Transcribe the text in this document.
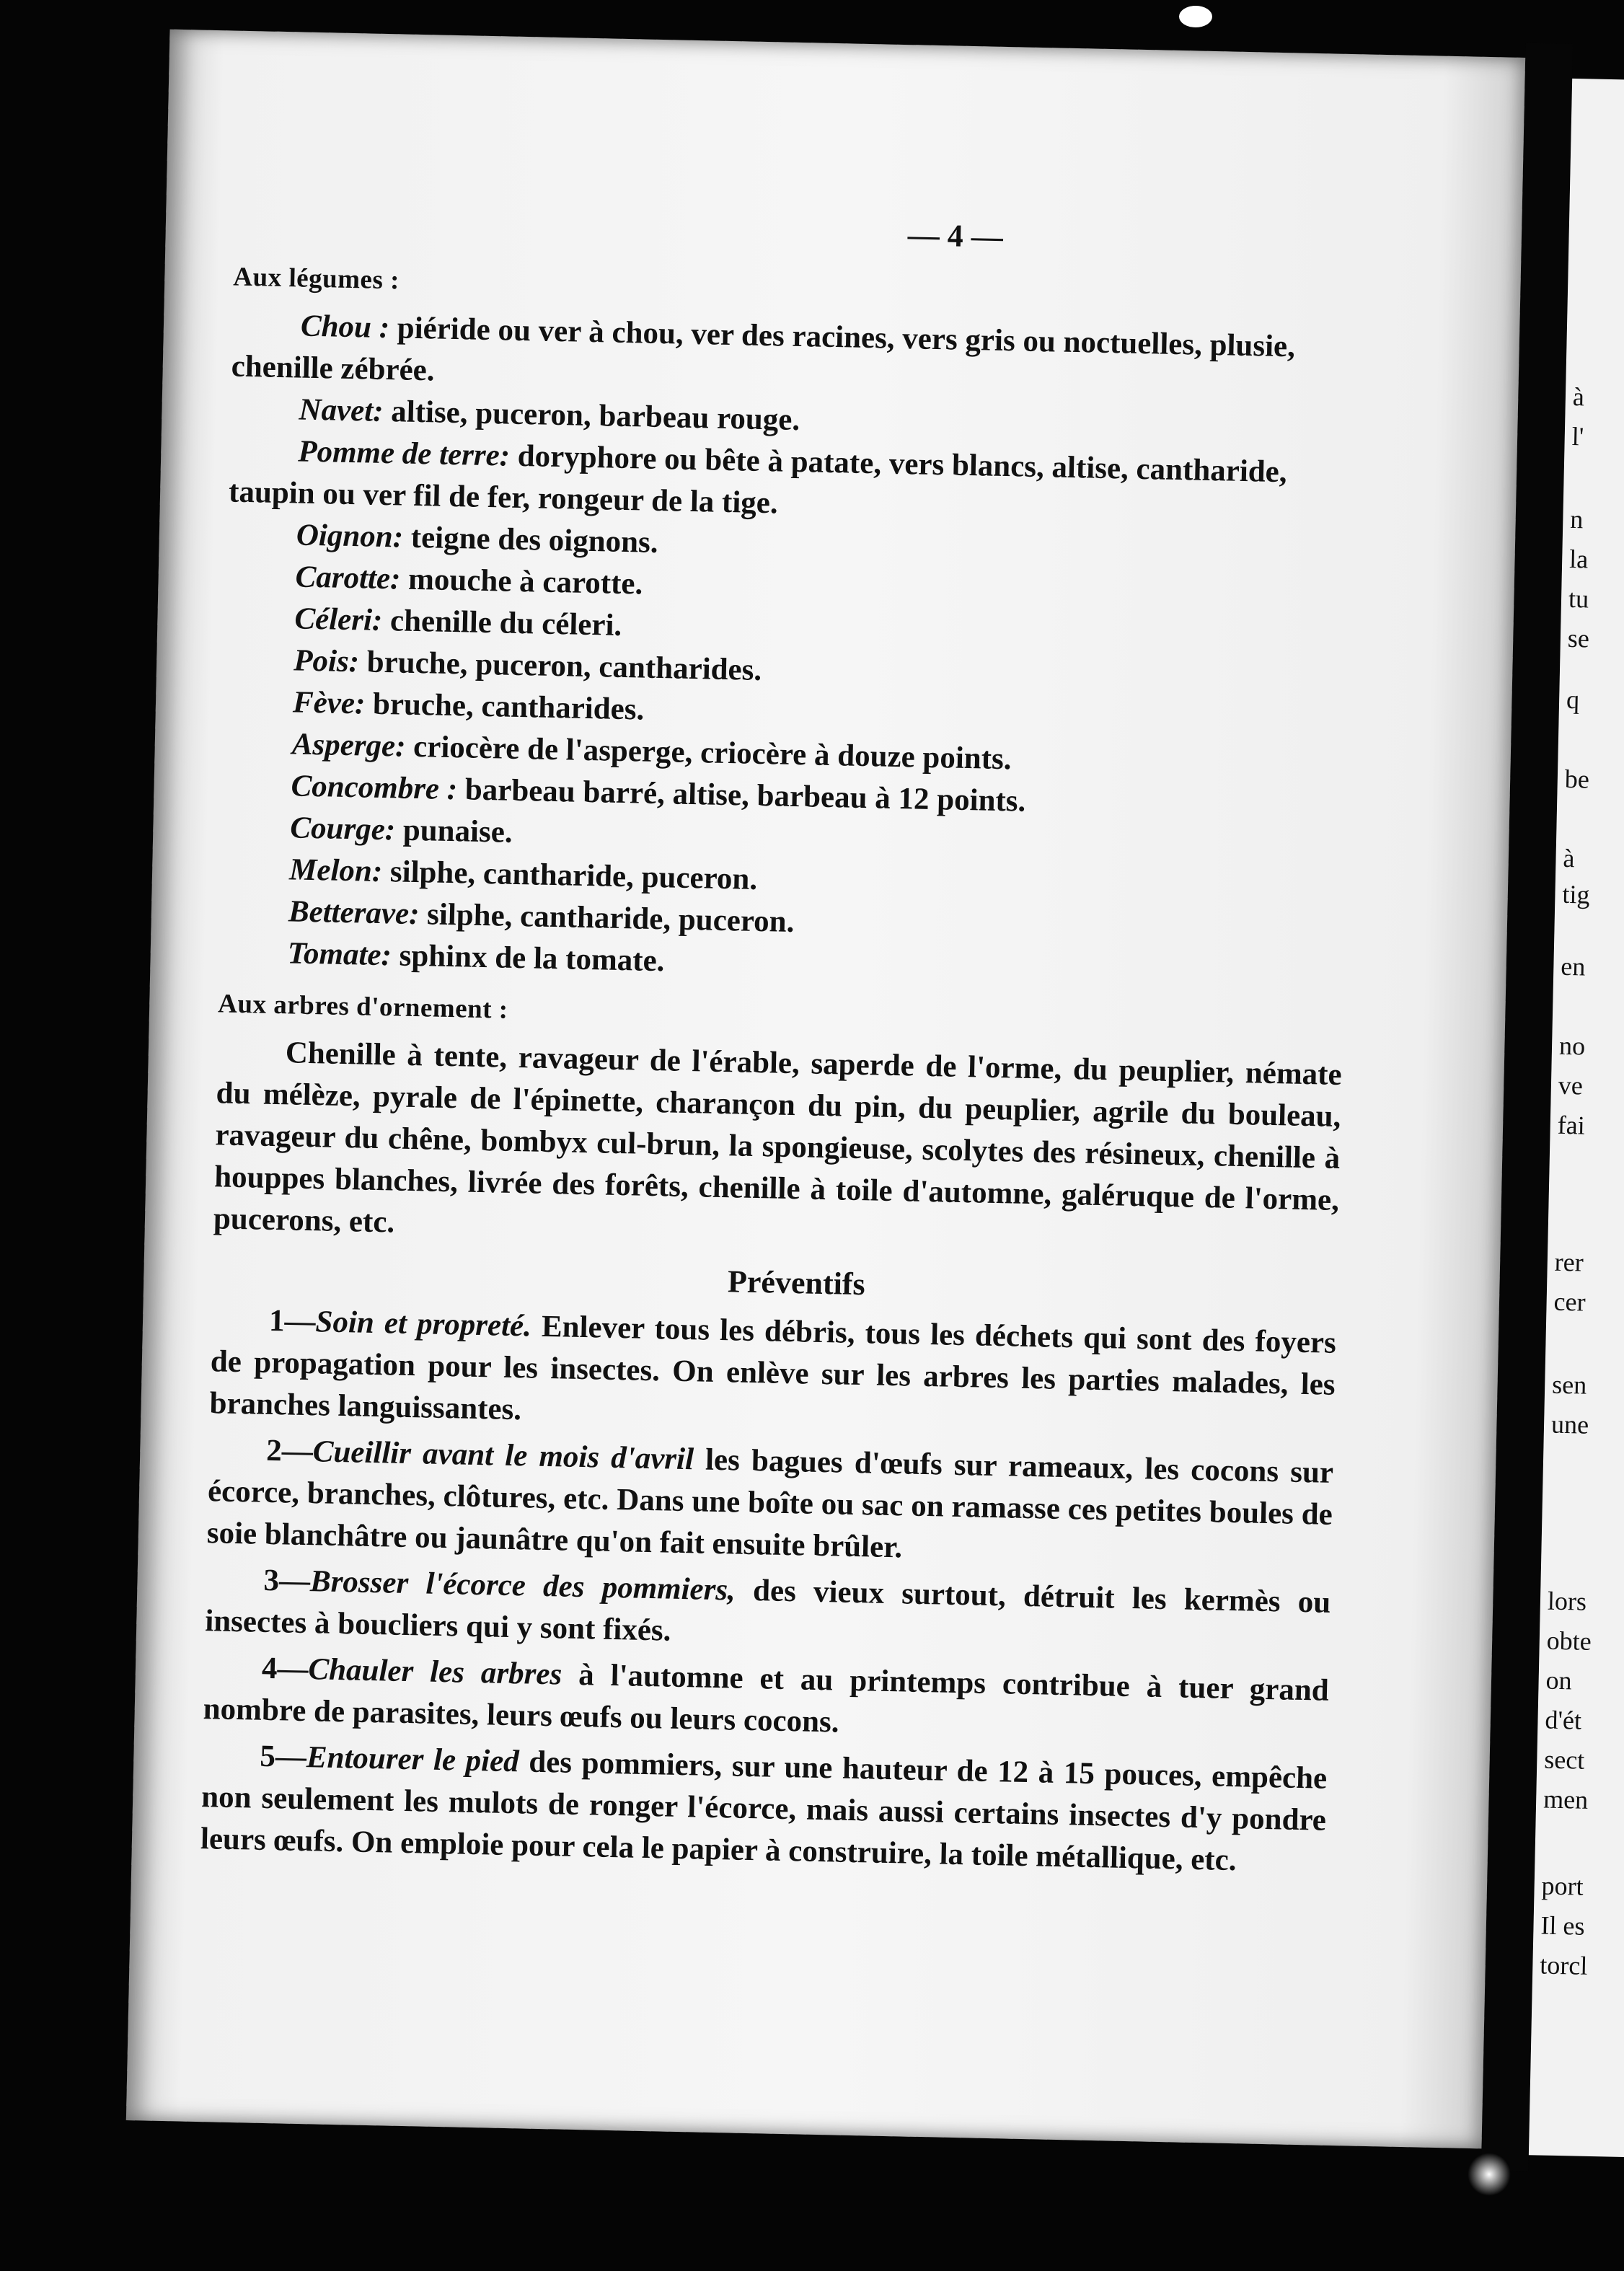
à
l'
n
la
tu
se
q
be
à
tig
en
no
ve
fai
rer
cer
sen
une
lors
obte
on
d'ét
sect
men
port
Il es
torcl
— 4 —
Aux légumes :

Chou : piéride ou ver à chou, ver des racines, vers gris ou noctuelles, plusie, chenille zébrée.

Navet: altise, puceron, barbeau rouge.

Pomme de terre: doryphore ou bête à patate, vers blancs, altise, cantharide, taupin ou ver fil de fer, rongeur de la tige.

Oignon: teigne des oignons.

Carotte: mouche à carotte.

Céleri: chenille du céleri.

Pois: bruche, puceron, cantharides.

Fève: bruche, cantharides.

Asperge: criocère de l'asperge, criocère à douze points.

Concombre : barbeau barré, altise, barbeau à 12 points.

Courge: punaise.

Melon: silphe, cantharide, puceron.

Betterave: silphe, cantharide, puceron.

Tomate: sphinx de la tomate.

Aux arbres d'ornement :

Chenille à tente, ravageur de l'érable, saperde de l'orme, du peuplier, némate du mélèze, pyrale de l'épinette, charançon du pin, du peuplier, agrile du bouleau, ravageur du chêne, bombyx cul-brun, la spongieuse, scolytes des résineux, chenille à houppes blanches, livrée des forêts, chenille à toile d'automne, galéruque de l'orme, pucerons, etc.

Préventifs

1—Soin et propreté. Enlever tous les débris, tous les déchets qui sont des foyers de propagation pour les insectes. On enlève sur les arbres les parties malades, les branches languissantes.

2—Cueillir avant le mois d'avril les bagues d'œufs sur rameaux, les cocons sur écorce, branches, clôtures, etc. Dans une boîte ou sac on ramasse ces petites boules de soie blanchâtre ou jaunâtre qu'on fait ensuite brûler.

3—Brosser l'écorce des pommiers, des vieux surtout, détruit les kermès ou insectes à boucliers qui y sont fixés.

4—Chauler les arbres à l'automne et au printemps contribue à tuer grand nombre de parasites, leurs œufs ou leurs cocons.

5—Entourer le pied des pommiers, sur une hauteur de 12 à 15 pouces, empêche non seulement les mulots de ronger l'écorce, mais aussi certains insectes d'y pondre leurs œufs. On emploie pour cela le papier à construire, la toile métallique, etc.
